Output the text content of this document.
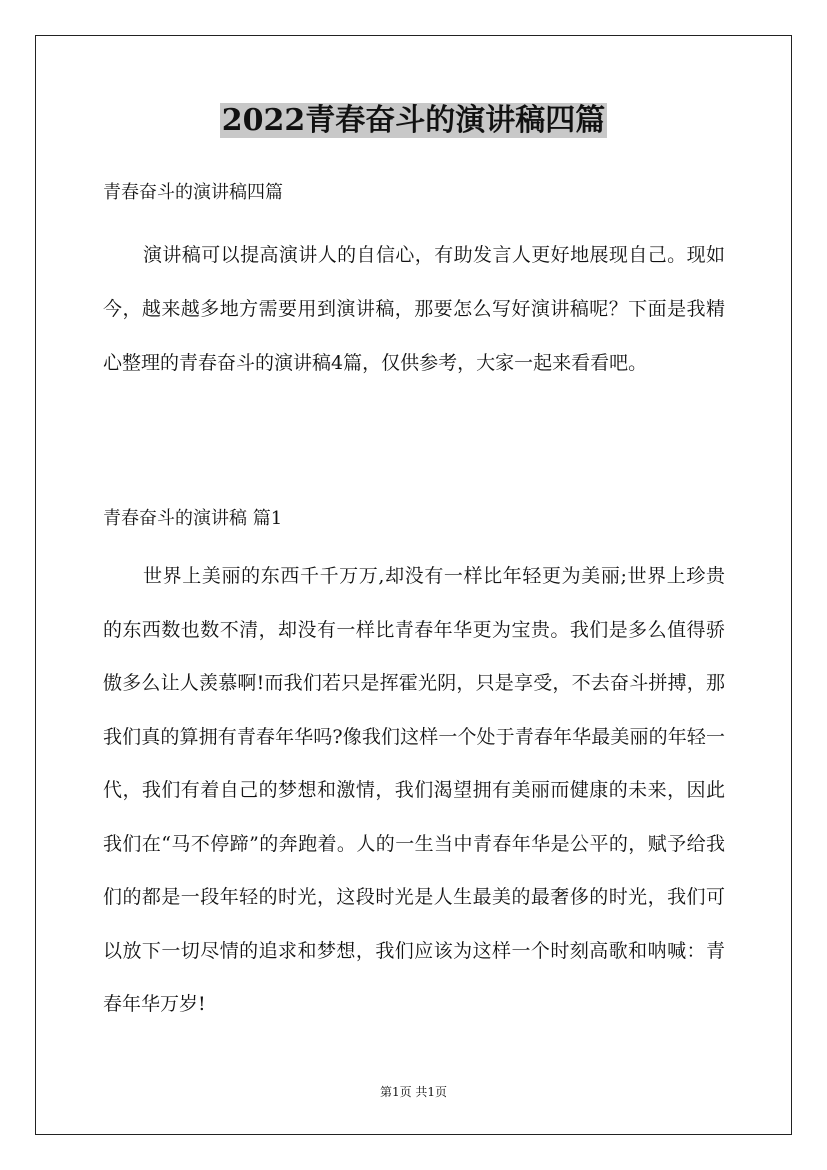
2022青春奋斗的演讲稿四篇

青春奋斗的演讲稿四篇

演讲稿可以提高演讲人的自信心，有助发言人更好地展现自己。现如今，越来越多地方需要用到演讲稿，那要怎么写好演讲稿呢？下面是我精心整理的青春奋斗的演讲稿4篇，仅供参考，大家一起来看看吧。

青春奋斗的演讲稿 篇1

世界上美丽的东西千千万万,却没有一样比年轻更为美丽;世界上珍贵的东西数也数不清，却没有一样比青春年华更为宝贵。我们是多么值得骄傲多么让人羡慕啊!而我们若只是挥霍光阴，只是享受，不去奋斗拼搏，那我们真的算拥有青春年华吗?像我们这样一个处于青春年华最美丽的年轻一代，我们有着自己的梦想和激情，我们渴望拥有美丽而健康的未来，因此我们在“马不停蹄”的奔跑着。人的一生当中青春年华是公平的，赋予给我们的都是一段年轻的时光，这段时光是人生最美的最奢侈的时光，我们可以放下一切尽情的追求和梦想，我们应该为这样一个时刻高歌和呐喊：青春年华万岁!

第1页 共1页
